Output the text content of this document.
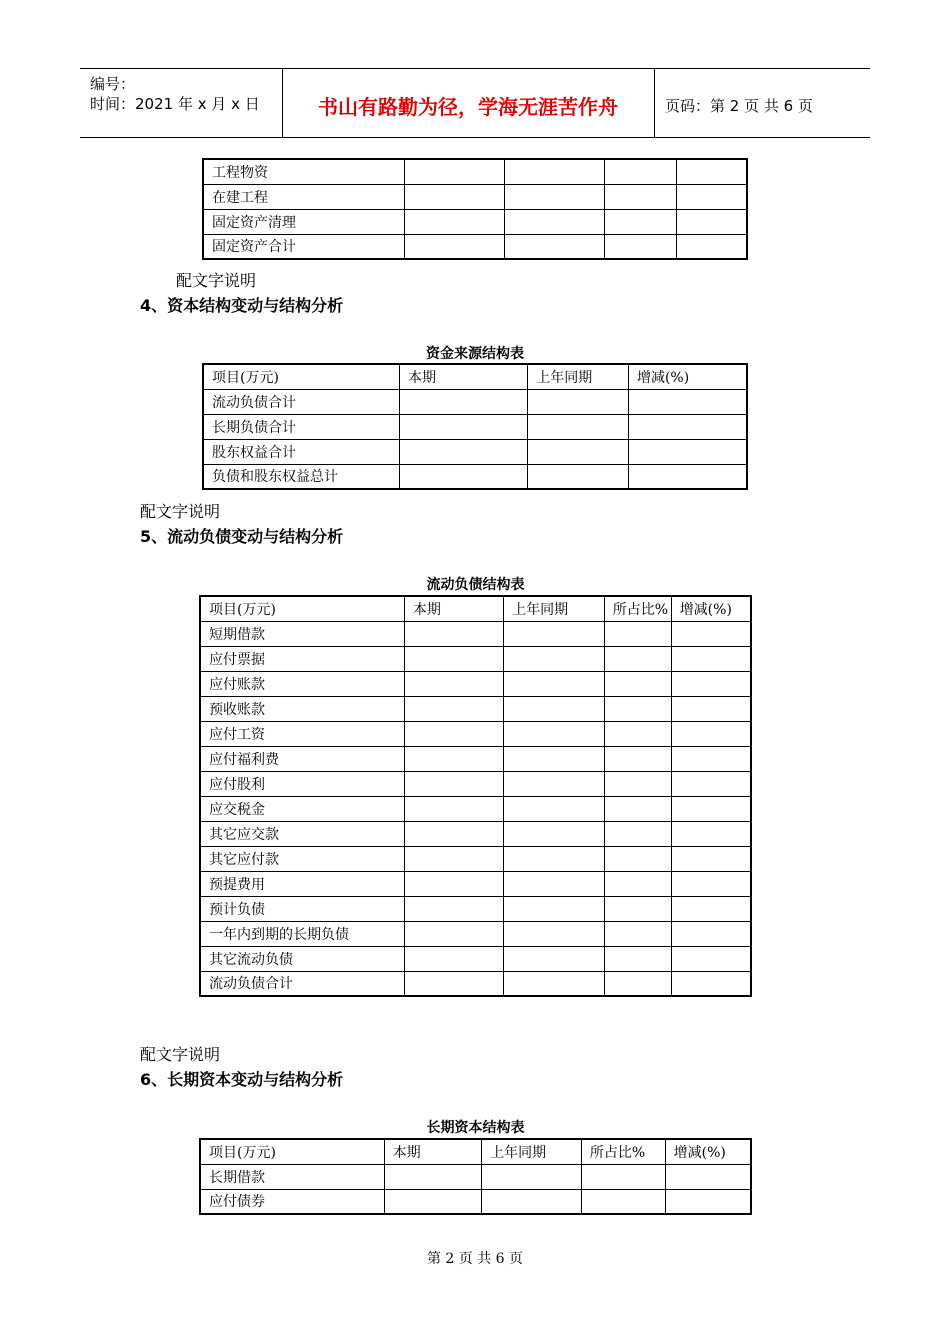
编号：
时间：2021 年 x 月 x 日	书山有路勤为径，学海无涯苦作舟	页码：第 2 页 共 6 页
工程物资				
在建工程				
固定资产清理				
固定资产合计				
配文字说明
4、资本结构变动与结构分析
资金来源结构表
项目(万元)	本期	上年同期	增减(%)
流动负债合计			
长期负债合计			
股东权益合计			
负债和股东权益总计			
配文字说明
5、流动负债变动与结构分析
流动负债结构表
项目(万元)	本期	上年同期	所占比%	增减(%)
短期借款				
应付票据				
应付账款				
预收账款				
应付工资				
应付福利费				
应付股利				
应交税金				
其它应交款				
其它应付款				
预提费用				
预计负债				
一年内到期的长期负债				
其它流动负债				
流动负债合计				
配文字说明
6、长期资本变动与结构分析
长期资本结构表
项目(万元)	本期	上年同期	所占比%	增减(%)
长期借款				
应付债券				
第 2 页 共 6 页
